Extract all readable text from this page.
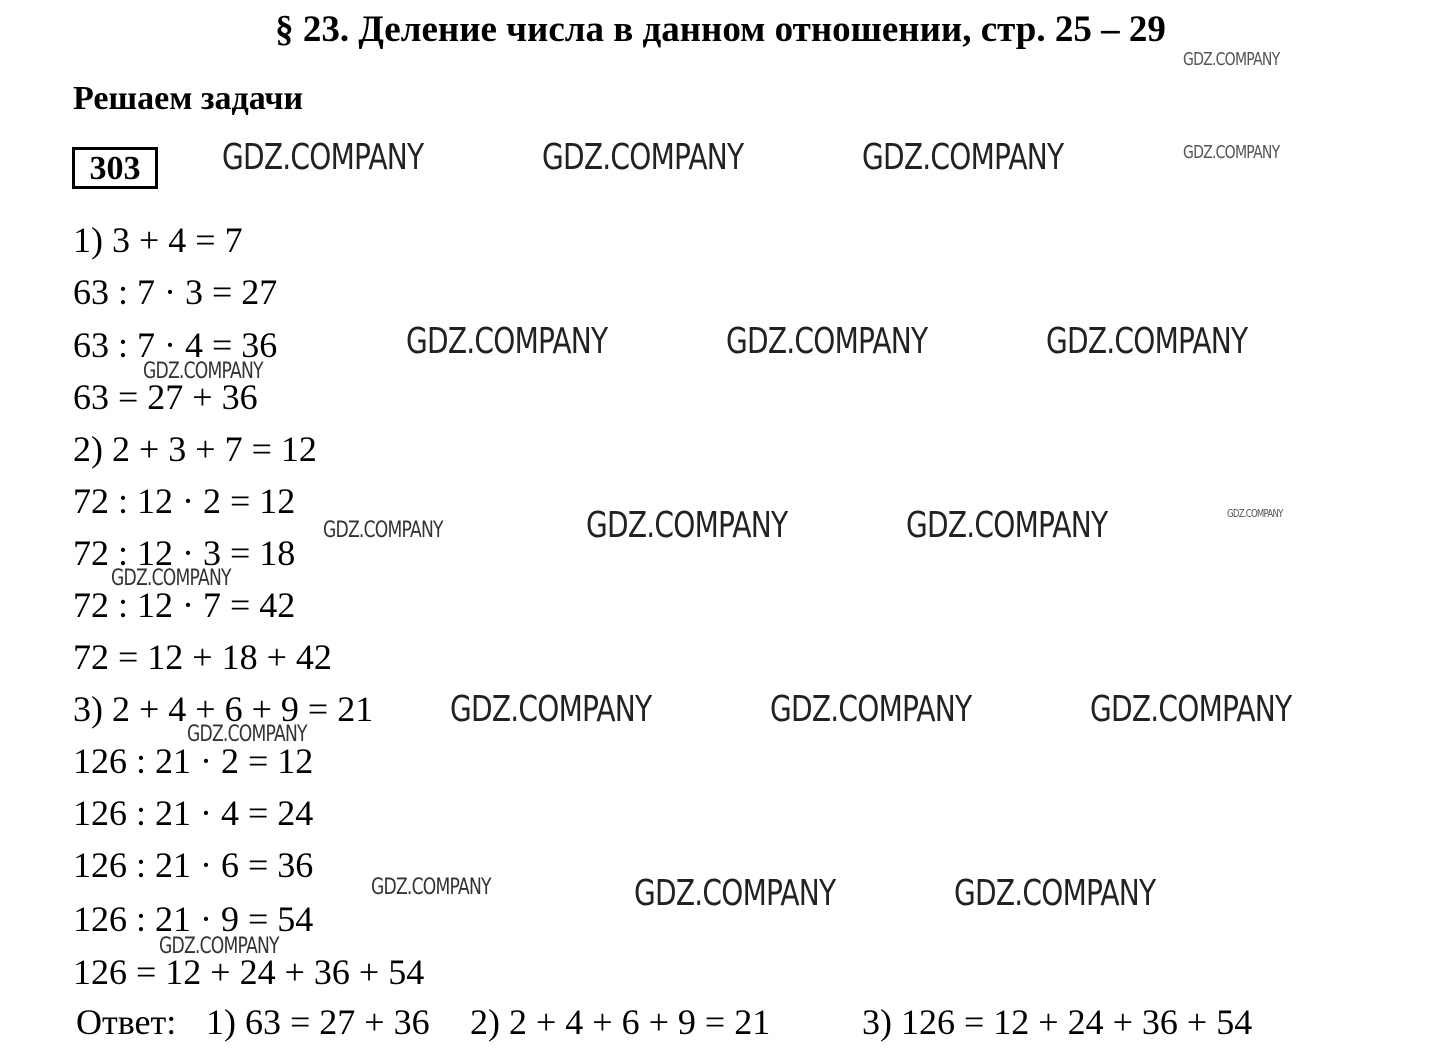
§ 23. Деление числа в данном отношении, стр. 25 – 29
Решаем задачи
303
1) 3 + 4 = 7
63 : 7 · 3 = 27
63 : 7 · 4 = 36
63 = 27 + 36
2) 2 + 3 + 7 = 12
72 : 12 · 2 = 12
72 : 12 · 3 = 18
72 : 12 · 7 = 42
72 = 12 + 18 + 42
3) 2 + 4 + 6 + 9 = 21
126 : 21 · 2 = 12
126 : 21 · 4 = 24
126 : 21 · 6 = 36
126 : 21 · 9 = 54
126 = 12 + 24 + 36 + 54
Ответ: 1) 63 = 27 + 36 2) 2 + 4 + 6 + 9 = 21	3) 126 = 12 + 24 + 36 + 54
GDZ.COMPANY
GDZ.COMPANY	GDZ.COMPANY	GDZ.COMPANY	GDZ.COMPANY
GDZ.COMPANY	GDZ.COMPANY	GDZ.COMPANY
GDZ.COMPANY
GDZ.COMPANY	GDZ.COMPANY	GDZ.COMPANY	GDZ.COMPANY
GDZ.COMPANY
GDZ.COMPANY	GDZ.COMPANY	GDZ.COMPANY
GDZ.COMPANY
GDZ.COMPANY	GDZ.COMPANY	GDZ.COMPANY
GDZ.COMPANY
